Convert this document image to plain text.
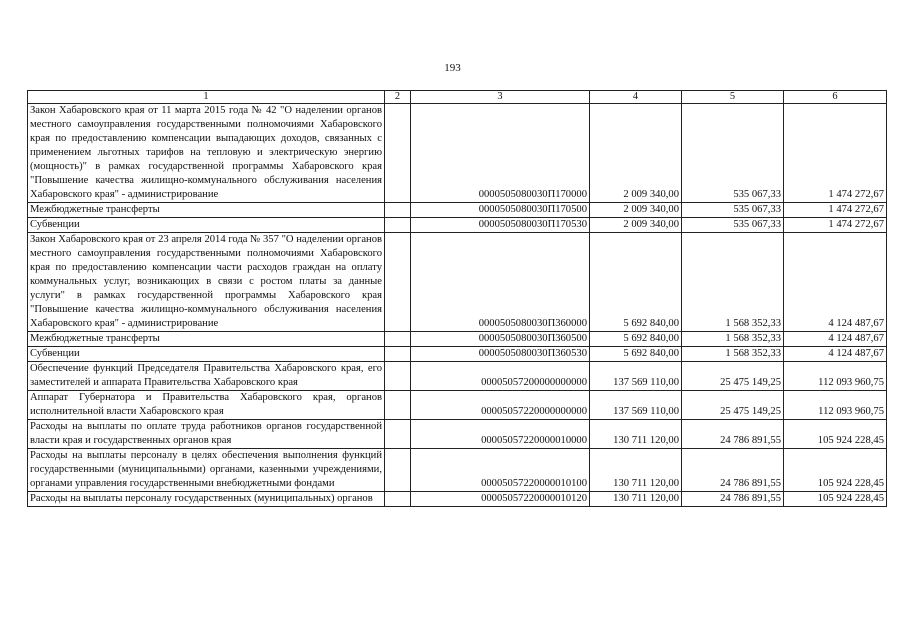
193
1	2	3	4	5	6
Закон Хабаровского края от 11 марта 2015 года № 42 "О наделении органов местного самоуправления государственными полномочиями Хабаровского края по предоставлению компенсации выпадающих доходов, связанных с применением льготных тарифов на тепловую и электрическую энергию (мощность)" в рамках государственной программы Хабаровского края "Повышение качества жилищно-коммунального обслуживания населения Хабаровского края" - администрирование		0000505080030П170000	2 009 340,00	535 067,33	1 474 272,67
Межбюджетные трансферты		0000505080030П170500	2 009 340,00	535 067,33	1 474 272,67
Субвенции		0000505080030П170530	2 009 340,00	535 067,33	1 474 272,67
Закон Хабаровского края от 23 апреля 2014 года № 357 "О наделении органов местного самоуправления государственными полномочиями Хабаровского края по предоставлению компенсации части расходов граждан на оплату коммунальных услуг, возникающих в связи с ростом платы за данные услуги" в рамках государственной программы Хабаровского края "Повышение качества жилищно-коммунального обслуживания населения Хабаровского края" - администрирование		0000505080030П360000	5 692 840,00	1 568 352,33	4 124 487,67
Межбюджетные трансферты		0000505080030П360500	5 692 840,00	1 568 352,33	4 124 487,67
Субвенции		0000505080030П360530	5 692 840,00	1 568 352,33	4 124 487,67
Обеспечение функций Председателя Правительства Хабаровского края, его заместителей и аппарата Правительства Хабаровского края		00005057200000000000	137 569 110,00	25 475 149,25	112 093 960,75
Аппарат Губернатора и Правительства Хабаровского края, органов исполнительной власти Хабаровского края		00005057220000000000	137 569 110,00	25 475 149,25	112 093 960,75
Расходы на выплаты по оплате труда работников органов государственной власти края и государственных органов края		00005057220000010000	130 711 120,00	24 786 891,55	105 924 228,45
Расходы на выплаты персоналу в целях обеспечения выполнения функций государственными (муниципальными) органами, казенными учреждениями, органами управления государственными внебюджетными фондами		00005057220000010100	130 711 120,00	24 786 891,55	105 924 228,45
Расходы на выплаты персоналу государственных (муниципальных) органов		00005057220000010120	130 711 120,00	24 786 891,55	105 924 228,45
